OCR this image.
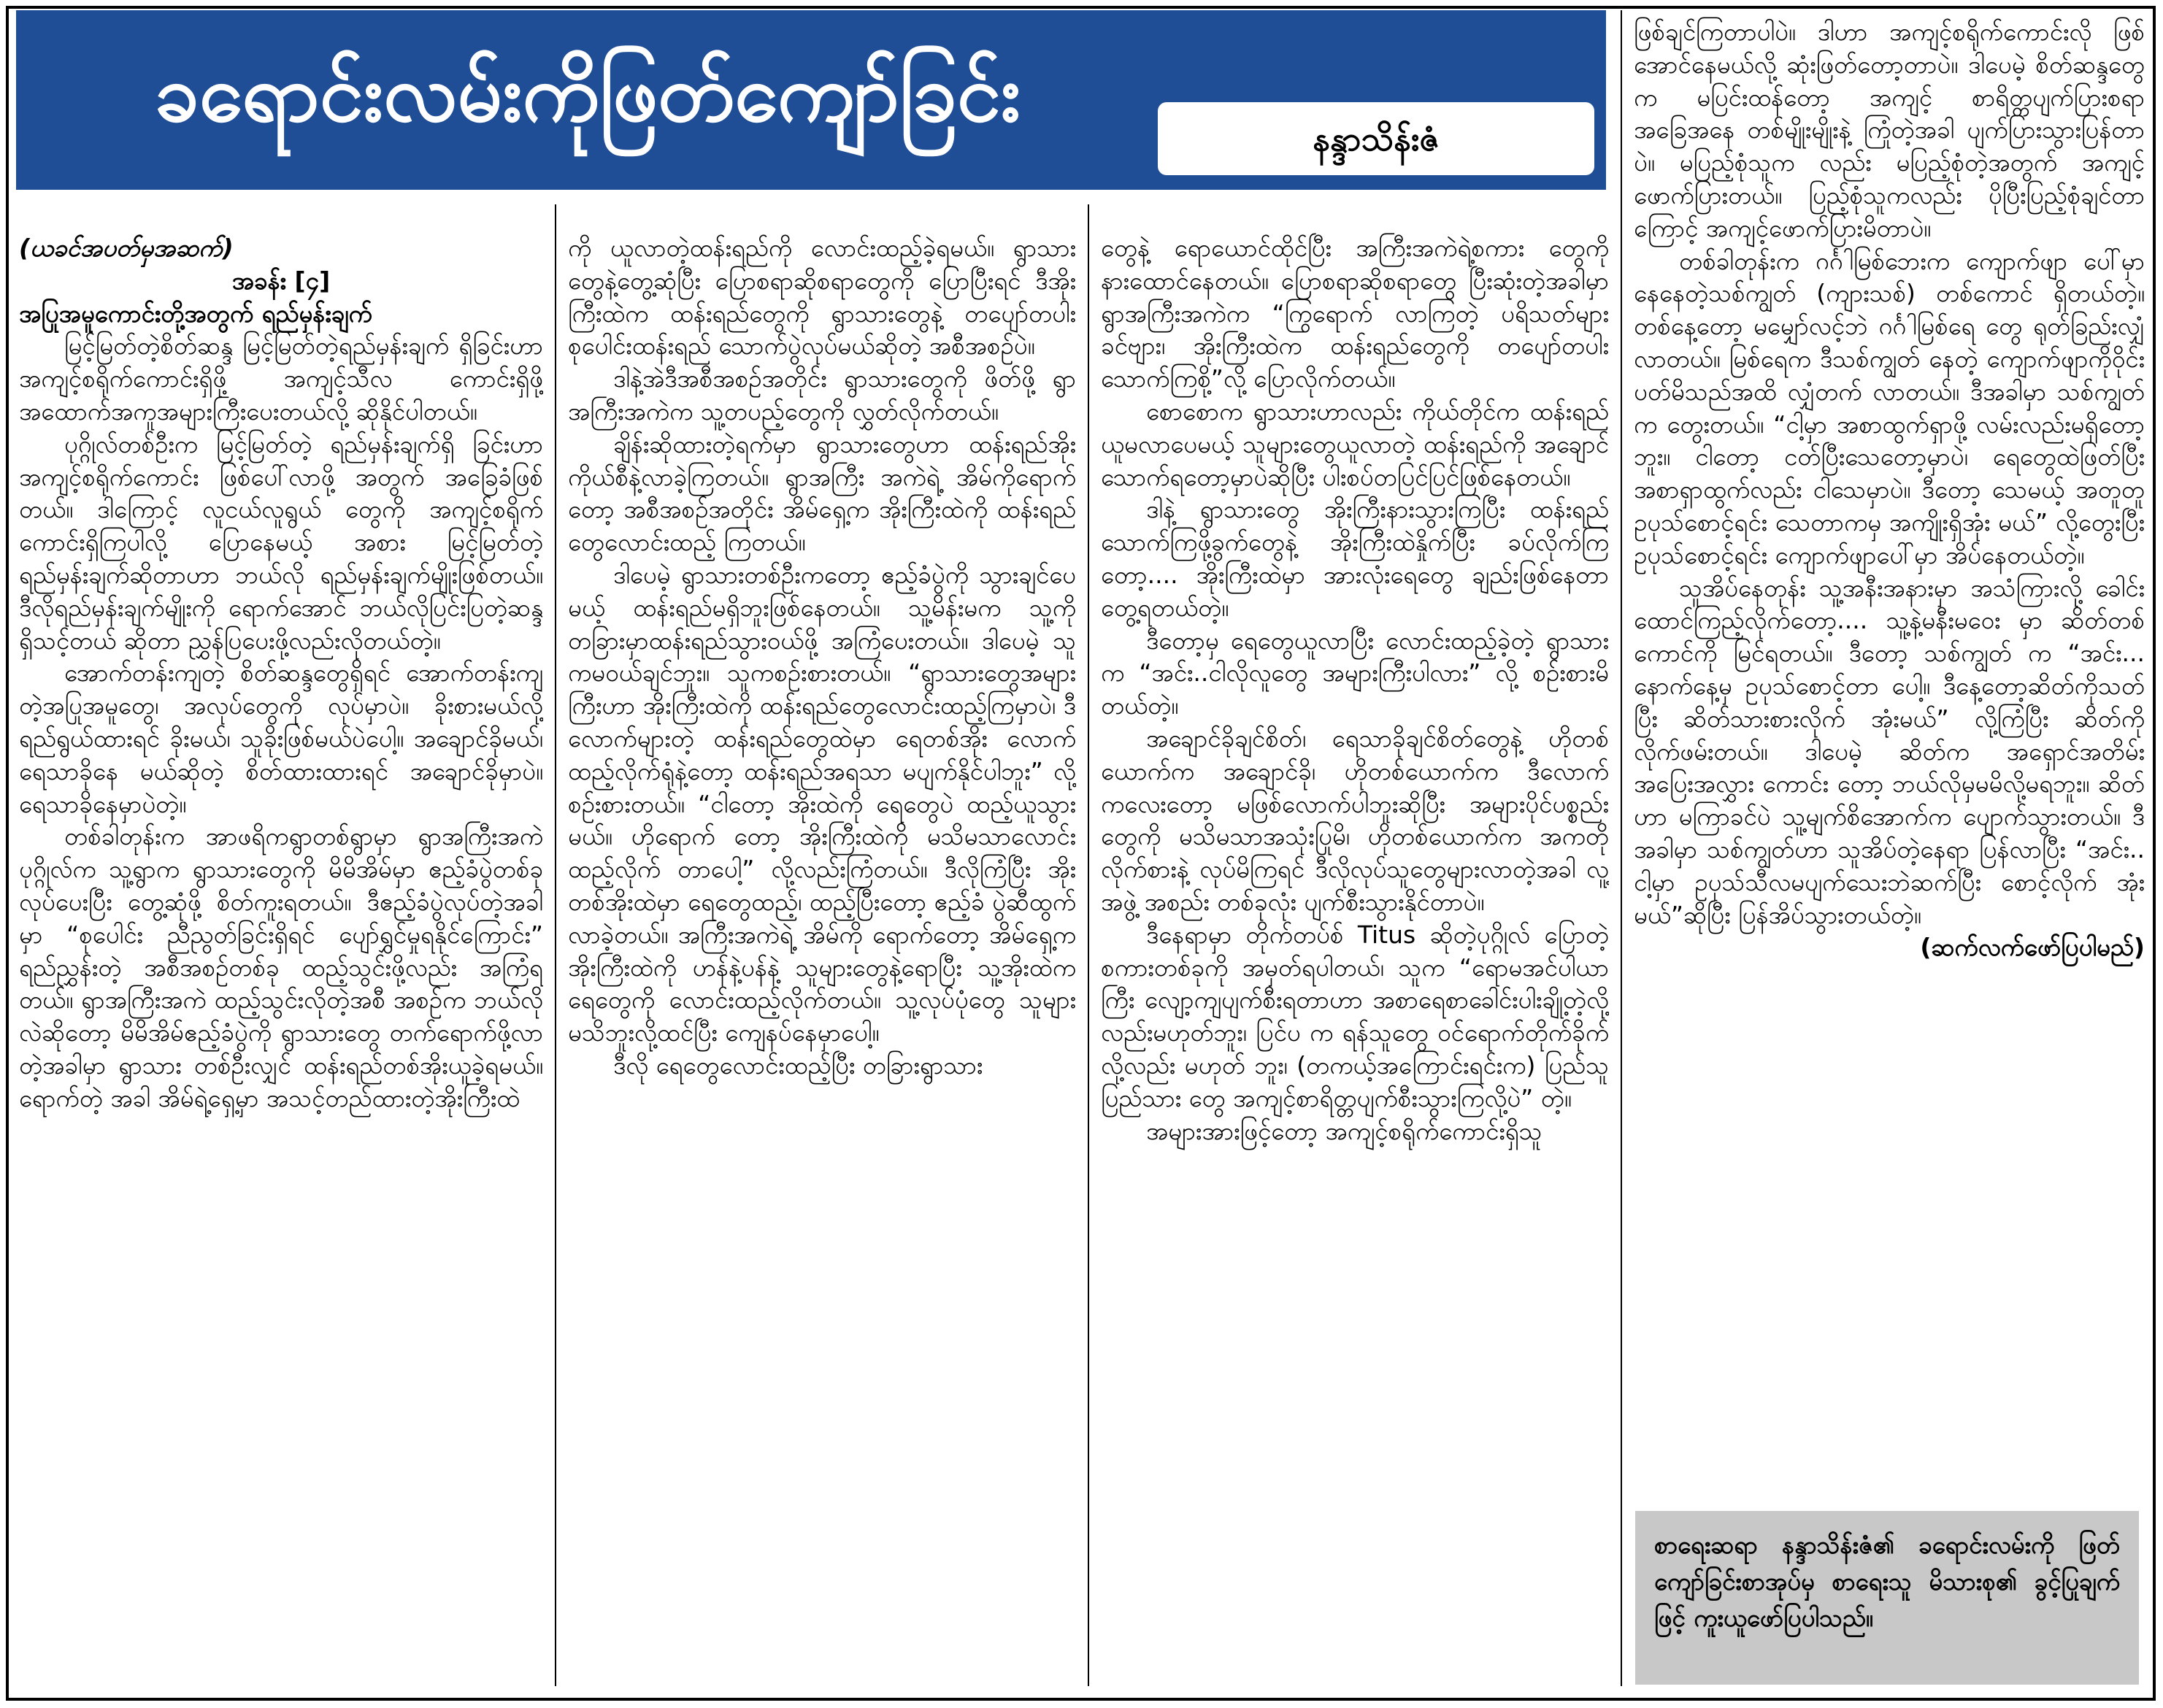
ခရောင်းလမ်းကိုဖြတ်ကျော်ခြင်း	နန္ဒာသိန်းဇံ

(ယခင်အပတ်မှအဆက်)

အခန်း [၄]

အပြုအမူကောင်းတို့အတွက် ရည်မှန်းချက်

မြင့်မြတ်တဲ့စိတ်ဆန္ဒ မြင့်မြတ်တဲ့ရည်မှန်းချက် ရှိခြင်းဟာ အကျင့်စရိုက်ကောင်းရှိဖို့ အကျင့်သီလ ကောင်းရှိဖို့ အထောက်အကူအများကြီးပေးတယ်လို့ ဆိုနိုင်ပါတယ်။

ပုဂ္ဂိုလ်တစ်ဦးက မြင့်မြတ်တဲ့ ရည်မှန်းချက်ရှိ ခြင်းဟာ အကျင့်စရိုက်ကောင်း ဖြစ်ပေါ်လာဖို့ အတွက် အခြေခံဖြစ်တယ်။ ဒါကြောင့် လူငယ်လူရွယ် တွေကို အကျင့်စရိုက်ကောင်းရှိကြပါလို့ ပြောနေမယ့် အစား မြင့်မြတ်တဲ့ရည်မှန်းချက်ဆိုတာဟာ ဘယ်လို ရည်မှန်းချက်မျိုးဖြစ်တယ်။ ဒီလိုရည်မှန်းချက်မျိုးကို ရောက်အောင် ဘယ်လိုပြင်းပြတဲ့ဆန္ဒ ရှိသင့်တယ် ဆိုတာ ညွှန်ပြပေးဖို့လည်းလိုတယ်တဲ့။

အောက်တန်းကျတဲ့ စိတ်ဆန္ဒတွေရှိရင် အောက်တန်းကျတဲ့အပြုအမူတွေ၊ အလုပ်တွေကို လုပ်မှာပဲ။ ခိုးစားမယ်လို့ ရည်ရွယ်ထားရင် ခိုးမယ်၊ သူခိုးဖြစ်မယ်ပဲပေါ့။ အချောင်ခိုမယ်၊ ရေသာခိုနေ မယ်ဆိုတဲ့ စိတ်ထားထားရင် အချောင်ခိုမှာပဲ။ ရေသာခိုနေမှာပဲတဲ့။

တစ်ခါတုန်းက အာဖရိကရွာတစ်ရွာမှာ ရွာအကြီးအကဲပုဂ္ဂိုလ်က သူ့ရွာက ရွာသားတွေကို မိမိအိမ်မှာ ဧည့်ခံပွဲတစ်ခုလုပ်ပေးပြီး တွေ့ဆုံဖို့ စိတ်ကူးရတယ်။ ဒီဧည့်ခံပွဲလုပ်တဲ့အခါမှာ “စုပေါင်း ညီညွတ်ခြင်းရှိရင် ပျော်ရွှင်မှုရနိုင်ကြောင်း” ရည်ညွှန်းတဲ့ အစီအစဉ်တစ်ခု ထည့်သွင်းဖို့လည်း အကြံရတယ်။ ရွာအကြီးအကဲ ထည့်သွင်းလိုတဲ့အစီ အစဉ်က ဘယ်လိုလဲဆိုတော့ မိမိအိမ်ဧည့်ခံပွဲကို ရွာသားတွေ တက်ရောက်ဖို့လာတဲ့အခါမှာ ရွာသား တစ်ဦးလျှင် ထန်းရည်တစ်အိုးယူခဲ့ရမယ်။ ရောက်တဲ့ အခါ အိမ်ရဲ့ရှေ့မှာ အသင့်တည်ထားတဲ့အိုးကြီးထဲ

ကို ယူလာတဲ့ထန်းရည်ကို လောင်းထည့်ခဲ့ရမယ်။ ရွာသားတွေနဲ့တွေ့ဆုံပြီး ပြောစရာဆိုစရာတွေကို ပြောပြီးရင် ဒီအိုးကြီးထဲက ထန်းရည်တွေကို ရွာသားတွေနဲ့ တပျော်တပါး စုပေါင်းထန်းရည် သောက်ပွဲလုပ်မယ်ဆိုတဲ့ အစီအစဉ်ပဲ။

ဒါနဲ့အဲဒီအစီအစဉ်အတိုင်း ရွာသားတွေကို ဖိတ်ဖို့ ရွာအကြီးအကဲက သူ့တပည့်တွေကို လွှတ်လိုက်တယ်။

ချိန်းဆိုထားတဲ့ရက်မှာ ရွာသားတွေဟာ ထန်းရည်အိုးကိုယ်စီနဲ့လာခဲ့ကြတယ်။ ရွာအကြီး အကဲရဲ့ အိမ်ကိုရောက်တော့ အစီအစဉ်အတိုင်း အိမ်ရှေ့က အိုးကြီးထဲကို ထန်းရည်တွေလောင်းထည့် ကြတယ်။

ဒါပေမဲ့ ရွာသားတစ်ဦးကတော့ ဧည့်ခံပွဲကို သွားချင်ပေမယ့် ထန်းရည်မရှိဘူးဖြစ်နေတယ်။ သူ့မိန်းမက သူ့ကို တခြားမှာထန်းရည်သွားဝယ်ဖို့ အကြံပေးတယ်။ ဒါပေမဲ့ သူကမဝယ်ချင်ဘူး။ သူကစဉ်းစားတယ်။ “ရွာသားတွေအများကြီးဟာ အိုးကြီးထဲကို ထန်းရည်တွေလောင်းထည့်ကြမှာပဲ၊ ဒီလောက်များတဲ့ ထန်းရည်တွေထဲမှာ ရေတစ်အိုး လောက် ထည့်လိုက်ရုံနဲ့တော့ ထန်းရည်အရသာ မပျက်နိုင်ပါဘူး” လို့စဉ်းစားတယ်။ “ငါတော့ အိုးထဲကို ရေတွေပဲ ထည့်ယူသွားမယ်။ ဟိုရောက် တော့ အိုးကြီးထဲကို မသိမသာလောင်းထည့်လိုက် တာပေါ့” လို့လည်းကြံတယ်။ ဒီလိုကြံပြီး အိုး တစ်အိုးထဲမှာ ရေတွေထည့်၊ ထည့်ပြီးတော့ ဧည့်ခံ ပွဲဆီထွက်လာခဲ့တယ်။ အကြီးအကဲရဲ့ အိမ်ကို ရောက်တော့ အိမ်ရှေ့က အိုးကြီးထဲကို ဟန်နဲ့ပန်နဲ့ သူများတွေနဲ့ရောပြီး သူ့အိုးထဲက ရေတွေကို လောင်းထည့်လိုက်တယ်။ သူ့လုပ်ပုံတွေ သူများ မသိဘူးလို့ထင်ပြီး ကျေနပ်နေမှာပေါ့။

ဒီလို ရေတွေလောင်းထည့်ပြီး တခြားရွာသား

တွေနဲ့ ရောယောင်ထိုင်ပြီး အကြီးအကဲရဲ့စကား တွေကို နားထောင်နေတယ်။ ပြောစရာဆိုစရာတွေ ပြီးဆုံးတဲ့အခါမှာ ရွာအကြီးအကဲက “ကြွရောက် လာကြတဲ့ ပရိသတ်များခင်ဗျား၊ အိုးကြီးထဲက ထန်းရည်တွေကို တပျော်တပါးသောက်ကြစို့”လို့ ပြောလိုက်တယ်။

စောစောက ရွာသားဟာလည်း ကိုယ်တိုင်က ထန်းရည်ယူမလာပေမယ့် သူများတွေယူလာတဲ့ ထန်းရည်ကို အချောင်သောက်ရတော့မှာပဲဆိုပြီး ပါးစပ်တပြင်ပြင်ဖြစ်နေတယ်။

ဒါနဲ့ ရွာသားတွေ အိုးကြီးနားသွားကြပြီး ထန်းရည်သောက်ကြဖို့ခွက်တွေနဲ့ အိုးကြီးထဲနှိုက်ပြီး ခပ်လိုက်ကြတော့.... အိုးကြီးထဲမှာ အားလုံးရေတွေ ချည်းဖြစ်နေတာ တွေ့ရတယ်တဲ့။

ဒီတော့မှ ရေတွေယူလာပြီး လောင်းထည့်ခဲ့တဲ့ ရွာသားက “အင်း..ငါလိုလူတွေ အများကြီးပါလား” လို့ စဉ်းစားမိတယ်တဲ့။

အချောင်ခိုချင်စိတ်၊ ရေသာခိုချင်စိတ်တွေနဲ့ ဟိုတစ်ယောက်က အချောင်ခို၊ ဟိုတစ်ယောက်က ဒီလောက်ကလေးတော့ မဖြစ်လောက်ပါဘူးဆိုပြီး အများပိုင်ပစ္စည်းတွေကို မသိမသာအသုံးပြုမိ၊ ဟိုတစ်ယောက်က အကတိုလိုက်စားနဲ့ လုပ်မိကြရင် ဒီလိုလုပ်သူတွေများလာတဲ့အခါ လူ့အဖွဲ့ အစည်း တစ်ခုလုံး ပျက်စီးသွားနိုင်တာပဲ။

ဒီနေရာမှာ တိုက်တပ်စ် Titus ဆိုတဲ့ပုဂ္ဂိုလ် ပြောတဲ့စကားတစ်ခုကို အမှတ်ရပါတယ်၊ သူက “ရောမအင်ပါယာကြီး လျော့ကျပျက်စီးရတာဟာ အစာရေစာခေါင်းပါးချို့တဲ့လို့လည်းမဟုတ်ဘူး၊ ပြင်ပ က ရန်သူတွေ ဝင်ရောက်တိုက်ခိုက်လို့လည်း မဟုတ် ဘူး၊ (တကယ့်အကြောင်းရင်းက) ပြည်သူ ပြည်သား တွေ အကျင့်စာရိတ္တပျက်စီးသွားကြလို့ပဲ” တဲ့။

အများအားဖြင့်တော့ အကျင့်စရိုက်ကောင်းရှိသူ

ဖြစ်ချင်ကြတာပါပဲ။ ဒါဟာ အကျင့်စရိုက်ကောင်းလို ဖြစ်အောင်နေမယ်လို့ ဆုံးဖြတ်တော့တာပဲ။ ဒါပေမဲ့ စိတ်ဆန္ဒတွေက မပြင်းထန်တော့ အကျင့် စာရိတ္တပျက်ပြားစရာအခြေအနေ တစ်မျိုးမျိုးနဲ့ ကြုံတဲ့အခါ ပျက်ပြားသွားပြန်တာပဲ။ မပြည့်စုံသူက လည်း မပြည့်စုံတဲ့အတွက် အကျင့်ဖောက်ပြားတယ်။ ပြည့်စုံသူကလည်း ပိုပြီးပြည့်စုံချင်တာကြောင့် အကျင့်ဖောက်ပြားမိတာပဲ။

တစ်ခါတုန်းက ဂင်္ဂါမြစ်ဘေးက ကျောက်ဖျာ ပေါ်မှာ နေနေတဲ့သစ်ကျွတ် (ကျားသစ်) တစ်ကောင် ရှိတယ်တဲ့။ တစ်နေ့တော့ မမျှော်လင့်ဘဲ ဂင်္ဂါမြစ်ရေ တွေ ရုတ်ခြည်းလျှံလာတယ်။ မြစ်ရေက ဒီသစ်ကျွတ် နေတဲ့ ကျောက်ဖျာကိုဝိုင်းပတ်မိသည်အထိ လျှံတက် လာတယ်။ ဒီအခါမှာ သစ်ကျွတ်က တွေးတယ်။ “ငါ့မှာ အစာထွက်ရှာဖို့ လမ်းလည်းမရှိတော့ဘူး။ ငါတော့ ငတ်ပြီးသေတော့မှာပဲ၊ ရေတွေထဲဖြတ်ပြီး အစာရှာထွက်လည်း ငါသေမှာပဲ။ ဒီတော့ သေမယ့် အတူတူ ဥပုသ်စောင့်ရင်း သေတာကမှ အကျိုးရှိအုံး မယ်” လို့တွေးပြီး ဥပုသ်စောင့်ရင်း ကျောက်ဖျာပေါ်မှာ အိပ်နေတယ်တဲ့။

သူအိပ်နေတုန်း သူ့အနီးအနားမှာ အသံကြားလို့ ခေါင်းထောင်ကြည့်လိုက်တော့.... သူ့နဲ့မနီးမဝေး မှာ ဆိတ်တစ်ကောင်ကို မြင်ရတယ်။ ဒီတော့ သစ်ကျွတ် က “အင်း... နောက်နေ့မှ ဥပုသ်စောင့်တာ ပေါ့။ ဒီနေ့တော့ဆိတ်ကိုသတ်ပြီး ဆိတ်သားစားလိုက် အုံးမယ်” လို့ကြံပြီး ဆိတ်ကို လိုက်ဖမ်းတယ်။ ဒါပေမဲ့ ဆိတ်က အရှောင်အတိမ်း အပြေးအလွှား ကောင်း တော့ ဘယ်လိုမှမမိလို့မရဘူး။ ဆိတ်ဟာ မကြာခင်ပဲ သူ့မျက်စိအောက်က ပျောက်သွားတယ်။ ဒီအခါမှာ သစ်ကျွတ်ဟာ သူအိပ်တဲ့နေရာ ပြန်လာပြီး “အင်း.. ငါ့မှာ ဥပုသ်သီလမပျက်သေးဘဲဆက်ပြီး စောင့်လိုက် အုံးမယ်”ဆိုပြီး ပြန်အိပ်သွားတယ်တဲ့။

(ဆက်လက်ဖော်ပြပါမည်)

စာရေးဆရာ နန္ဒာသိန်းဇံ၏ ခရောင်းလမ်းကို ဖြတ်ကျော်ခြင်းစာအုပ်မှ စာရေးသူ မိသားစု၏ ခွင့်ပြုချက်ဖြင့် ကူးယူဖော်ပြပါသည်။
